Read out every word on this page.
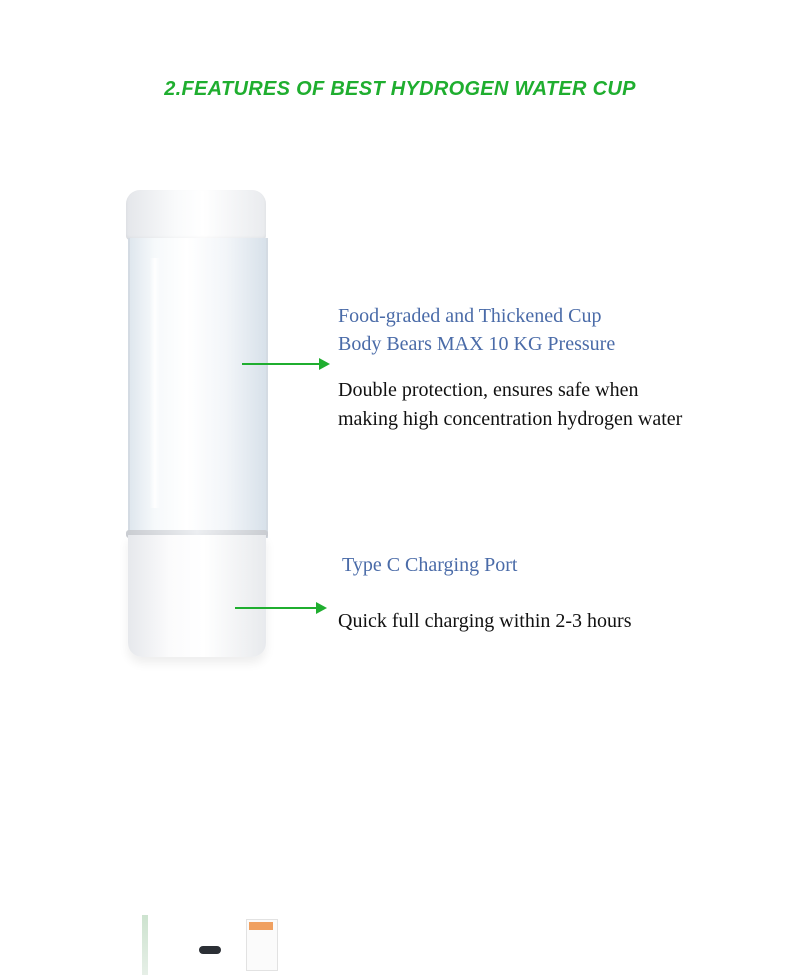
2.FEATURES OF BEST HYDROGEN WATER CUP
Food-graded and Thickened Cup
Body Bears MAX 10 KG Pressure
Double protection, ensures safe when
making high concentration hydrogen water
Type C Charging Port
Quick full charging within 2-3 hours
